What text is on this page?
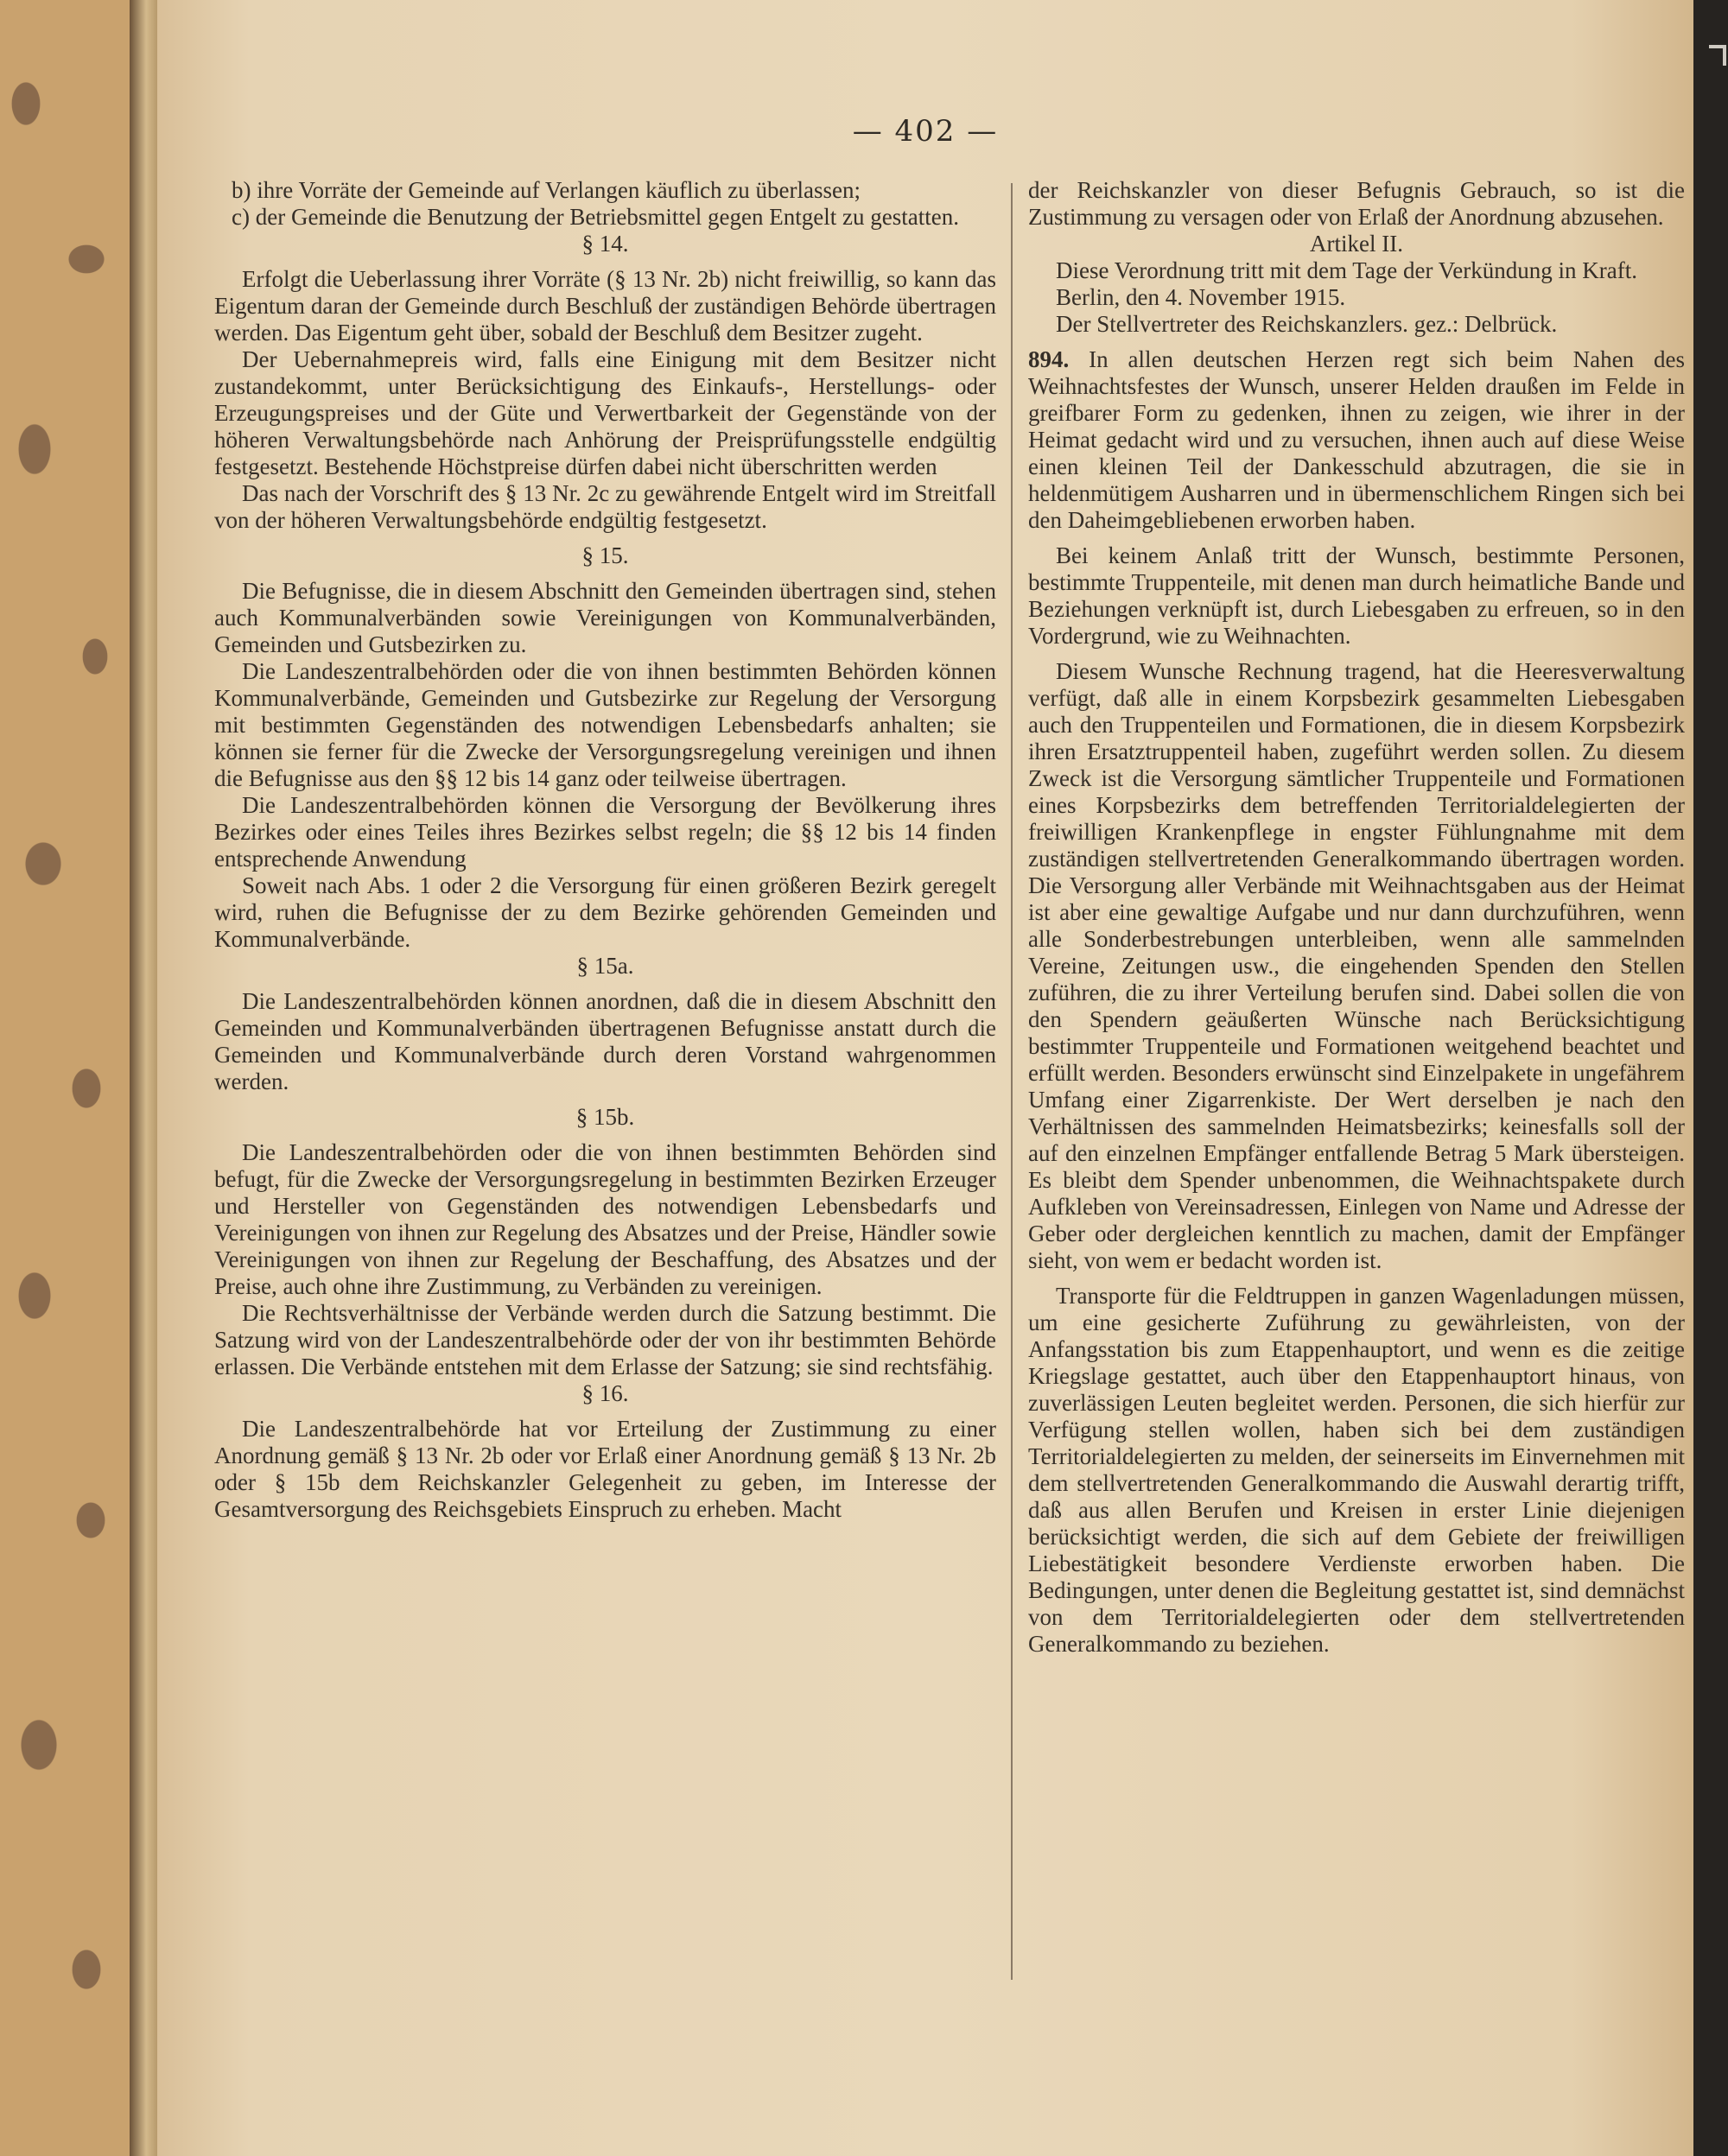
— 402 —

b) ihre Vorräte der Gemeinde auf Verlangen käuflich zu überlassen;

c) der Gemeinde die Benutzung der Betriebsmittel gegen Entgelt zu gestatten.

§ 14.

Erfolgt die Ueberlassung ihrer Vorräte (§ 13 Nr. 2b) nicht freiwillig, so kann das Eigentum daran der Gemeinde durch Beschluß der zuständigen Behörde übertragen werden. Das Eigentum geht über, sobald der Beschluß dem Besitzer zugeht.

Der Uebernahmepreis wird, falls eine Einigung mit dem Besitzer nicht zustandekommt, unter Berücksichtigung des Einkaufs-, Herstellungs- oder Erzeugungspreises und der Güte und Verwertbarkeit der Gegenstände von der höheren Verwaltungsbehörde nach Anhörung der Preisprüfungsstelle endgültig festgesetzt. Bestehende Höchstpreise dürfen dabei nicht überschritten werden

Das nach der Vorschrift des § 13 Nr. 2c zu gewährende Entgelt wird im Streitfall von der höheren Verwaltungsbehörde endgültig festgesetzt.

§ 15.

Die Befugnisse, die in diesem Abschnitt den Gemeinden übertragen sind, stehen auch Kommunalverbänden sowie Vereinigungen von Kommunalverbänden, Gemeinden und Gutsbezirken zu.

Die Landeszentralbehörden oder die von ihnen bestimmten Behörden können Kommunalverbände, Gemeinden und Gutsbezirke zur Regelung der Versorgung mit bestimmten Gegenständen des notwendigen Lebensbedarfs anhalten; sie können sie ferner für die Zwecke der Versorgungsregelung vereinigen und ihnen die Befugnisse aus den §§ 12 bis 14 ganz oder teilweise übertragen.

Die Landeszentralbehörden können die Versorgung der Bevölkerung ihres Bezirkes oder eines Teiles ihres Bezirkes selbst regeln; die §§ 12 bis 14 finden entsprechende Anwendung

Soweit nach Abs. 1 oder 2 die Versorgung für einen größeren Bezirk geregelt wird, ruhen die Befugnisse der zu dem Bezirke gehörenden Gemeinden und Kommunalverbände.

§ 15a.

Die Landeszentralbehörden können anordnen, daß die in diesem Abschnitt den Gemeinden und Kommunalverbänden übertragenen Befugnisse anstatt durch die Gemeinden und Kommunalverbände durch deren Vorstand wahrgenommen werden.

§ 15b.

Die Landeszentralbehörden oder die von ihnen bestimmten Behörden sind befugt, für die Zwecke der Versorgungsregelung in bestimmten Bezirken Erzeuger und Hersteller von Gegenständen des notwendigen Lebensbedarfs und Vereinigungen von ihnen zur Regelung des Absatzes und der Preise, Händler sowie Vereinigungen von ihnen zur Regelung der Beschaffung, des Absatzes und der Preise, auch ohne ihre Zustimmung, zu Verbänden zu vereinigen.

Die Rechtsverhältnisse der Verbände werden durch die Satzung bestimmt. Die Satzung wird von der Landeszentralbehörde oder der von ihr bestimmten Behörde erlassen. Die Verbände entstehen mit dem Erlasse der Satzung; sie sind rechtsfähig.

§ 16.

Die Landeszentralbehörde hat vor Erteilung der Zustimmung zu einer Anordnung gemäß § 13 Nr. 2b oder vor Erlaß einer Anordnung gemäß § 13 Nr. 2b oder § 15b dem Reichskanzler Gelegenheit zu geben, im Interesse der Gesamtversorgung des Reichsgebiets Einspruch zu erheben. Macht

der Reichskanzler von dieser Befugnis Gebrauch, so ist die Zustimmung zu versagen oder von Erlaß der Anordnung abzusehen.

Artikel II.

Diese Verordnung tritt mit dem Tage der Verkündung in Kraft.

Berlin, den 4. November 1915.

Der Stellvertreter des Reichskanzlers. gez.: Delbrück.

894. In allen deutschen Herzen regt sich beim Nahen des Weihnachtsfestes der Wunsch, unserer Helden draußen im Felde in greifbarer Form zu gedenken, ihnen zu zeigen, wie ihrer in der Heimat gedacht wird und zu versuchen, ihnen auch auf diese Weise einen kleinen Teil der Dankesschuld abzutragen, die sie in heldenmütigem Ausharren und in übermenschlichem Ringen sich bei den Daheimgebliebenen erworben haben.

Bei keinem Anlaß tritt der Wunsch, bestimmte Personen, bestimmte Truppenteile, mit denen man durch heimatliche Bande und Beziehungen verknüpft ist, durch Liebesgaben zu erfreuen, so in den Vordergrund, wie zu Weihnachten.

Diesem Wunsche Rechnung tragend, hat die Heeresverwaltung verfügt, daß alle in einem Korpsbezirk gesammelten Liebesgaben auch den Truppenteilen und Formationen, die in diesem Korpsbezirk ihren Ersatztruppenteil haben, zugeführt werden sollen. Zu diesem Zweck ist die Versorgung sämtlicher Truppenteile und Formationen eines Korpsbezirks dem betreffenden Territorialdelegierten der freiwilligen Krankenpflege in engster Fühlungnahme mit dem zuständigen stellvertretenden Generalkommando übertragen worden. Die Versorgung aller Verbände mit Weihnachtsgaben aus der Heimat ist aber eine gewaltige Aufgabe und nur dann durchzuführen, wenn alle Sonderbestrebungen unterbleiben, wenn alle sammelnden Vereine, Zeitungen usw., die eingehenden Spenden den Stellen zuführen, die zu ihrer Verteilung berufen sind. Dabei sollen die von den Spendern geäußerten Wünsche nach Berücksichtigung bestimmter Truppenteile und Formationen weitgehend beachtet und erfüllt werden. Besonders erwünscht sind Einzelpakete in ungefährem Umfang einer Zigarrenkiste. Der Wert derselben je nach den Verhältnissen des sammelnden Heimatsbezirks; keinesfalls soll der auf den einzelnen Empfänger entfallende Betrag 5 Mark übersteigen. Es bleibt dem Spender unbenommen, die Weihnachtspakete durch Aufkleben von Vereinsadressen, Einlegen von Name und Adresse der Geber oder dergleichen kenntlich zu machen, damit der Empfänger sieht, von wem er bedacht worden ist.

Transporte für die Feldtruppen in ganzen Wagenladungen müssen, um eine gesicherte Zuführung zu gewährleisten, von der Anfangsstation bis zum Etappenhauptort, und wenn es die zeitige Kriegslage gestattet, auch über den Etappenhauptort hinaus, von zuverlässigen Leuten begleitet werden. Personen, die sich hierfür zur Verfügung stellen wollen, haben sich bei dem zuständigen Territorialdelegierten zu melden, der seinerseits im Einvernehmen mit dem stellvertretenden Generalkommando die Auswahl derartig trifft, daß aus allen Berufen und Kreisen in erster Linie diejenigen berücksichtigt werden, die sich auf dem Gebiete der freiwilligen Liebestätigkeit besondere Verdienste erworben haben. Die Bedingungen, unter denen die Begleitung gestattet ist, sind demnächst von dem Territorialdelegierten oder dem stellvertretenden Generalkommando zu beziehen.
